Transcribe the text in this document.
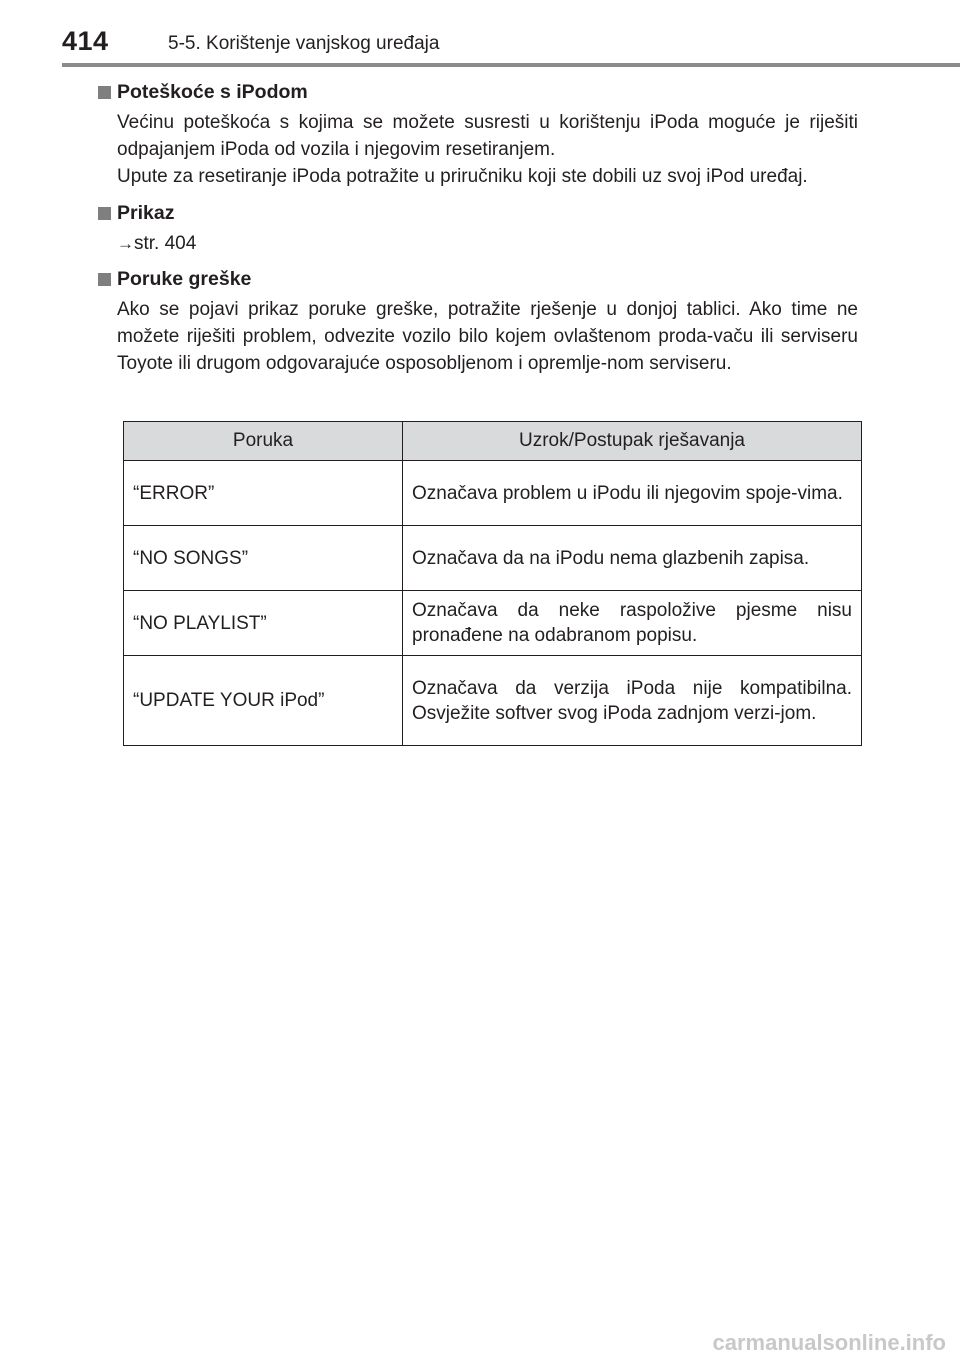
414	5-5. Korištenje vanjskog uređaja
Poteškoće s iPodom
Većinu poteškoća s kojima se možete susresti u korištenju iPoda moguće je riješiti odpajanjem iPoda od vozila i njegovim resetiranjem.
Upute za resetiranje iPoda potražite u priručniku koji ste dobili uz svoj iPod uređaj.
Prikaz
→str. 404
Poruke greške
Ako se pojavi prikaz poruke greške, potražite rješenje u donjoj tablici. Ako time ne možete riješiti problem, odvezite vozilo bilo kojem ovlaštenom proda-vaču ili serviseru Toyote ili drugom odgovarajuće osposobljenom i opremlje-nom serviseru.
Poruka	Uzrok/Postupak rješavanja
“ERROR”	Označava problem u iPodu ili njegovim spoje-vima.
“NO SONGS”	Označava da na iPodu nema glazbenih zapisa.
“NO PLAYLIST”	Označava da neke raspoložive pjesme nisu pronađene na odabranom popisu.
“UPDATE YOUR iPod”	Označava da verzija iPoda nije kompatibilna. Osvježite softver svog iPoda zadnjom verzi-jom.
carmanualsonline.info
